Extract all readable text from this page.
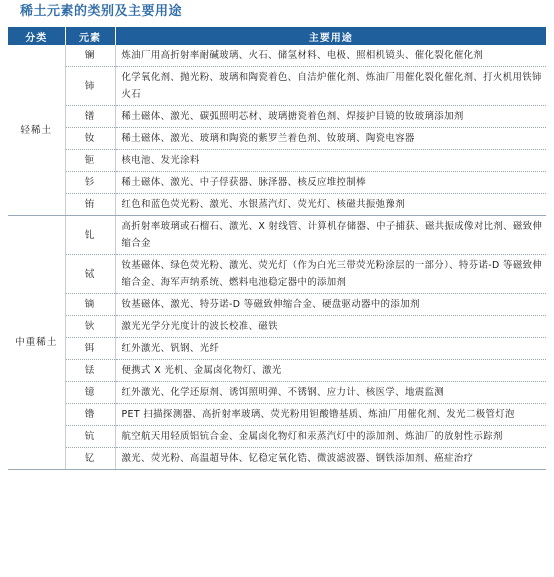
稀土元素的类别及主要用途
分类	元素	主要用途
轻稀土	镧	炼油厂用高折射率耐碱玻璃、火石、储氢材料、电极、照相机镜头、催化裂化催化剂
	铈	化学氧化剂、抛光粉、玻璃和陶瓷着色、自洁炉催化剂、炼油厂用催化裂化催化剂、打火机用铁铈火石
	镨	稀土磁体、激光、碳弧照明芯材、玻璃搪瓷着色剂、焊接护目镜的钕玻璃添加剂
	钕	稀土磁体、激光、玻璃和陶瓷的紫罗兰着色剂、钕玻璃、陶瓷电容器
	钷	核电池、发光涂料
	钐	稀土磁体、激光、中子俘获器、脉泽器、核反应堆控制棒
	铕	红色和蓝色荧光粉、激光、水银蒸汽灯、荧光灯、核磁共振弛豫剂
中重稀土	钆	高折射率玻璃或石榴石、激光、X 射线管、计算机存储器、中子捕获、磁共振成像对比剂、磁致伸缩合金
	铽	钕基磁体、绿色荧光粉、激光、荧光灯（作为白光三带荧光粉涂层的一部分）、特芬诺-D 等磁致伸缩合金、海军声纳系统、燃料电池稳定器中的添加剂
	镝	钕基磁体、激光、特芬诺-D 等磁致伸缩合金、硬盘驱动器中的添加剂
	钬	激光光学分光度计的波长校准、磁铁
	铒	红外激光、钒钢、光纤
	铥	便携式 X 光机、金属卤化物灯、激光
	镱	红外激光、化学还原剂、诱饵照明弹、不锈钢、应力计、核医学、地震监测
	镥	PET 扫描探测器、高折射率玻璃、荧光粉用钽酸镥基质、炼油厂用催化剂、发光二极管灯泡
	钪	航空航天用轻质铝钪合金、金属卤化物灯和汞蒸汽灯中的添加剂、炼油厂的放射性示踪剂
	钇	激光、荧光粉、高温超导体、钇稳定氧化锆、微波滤波器、钢铁添加剂、癌症治疗
